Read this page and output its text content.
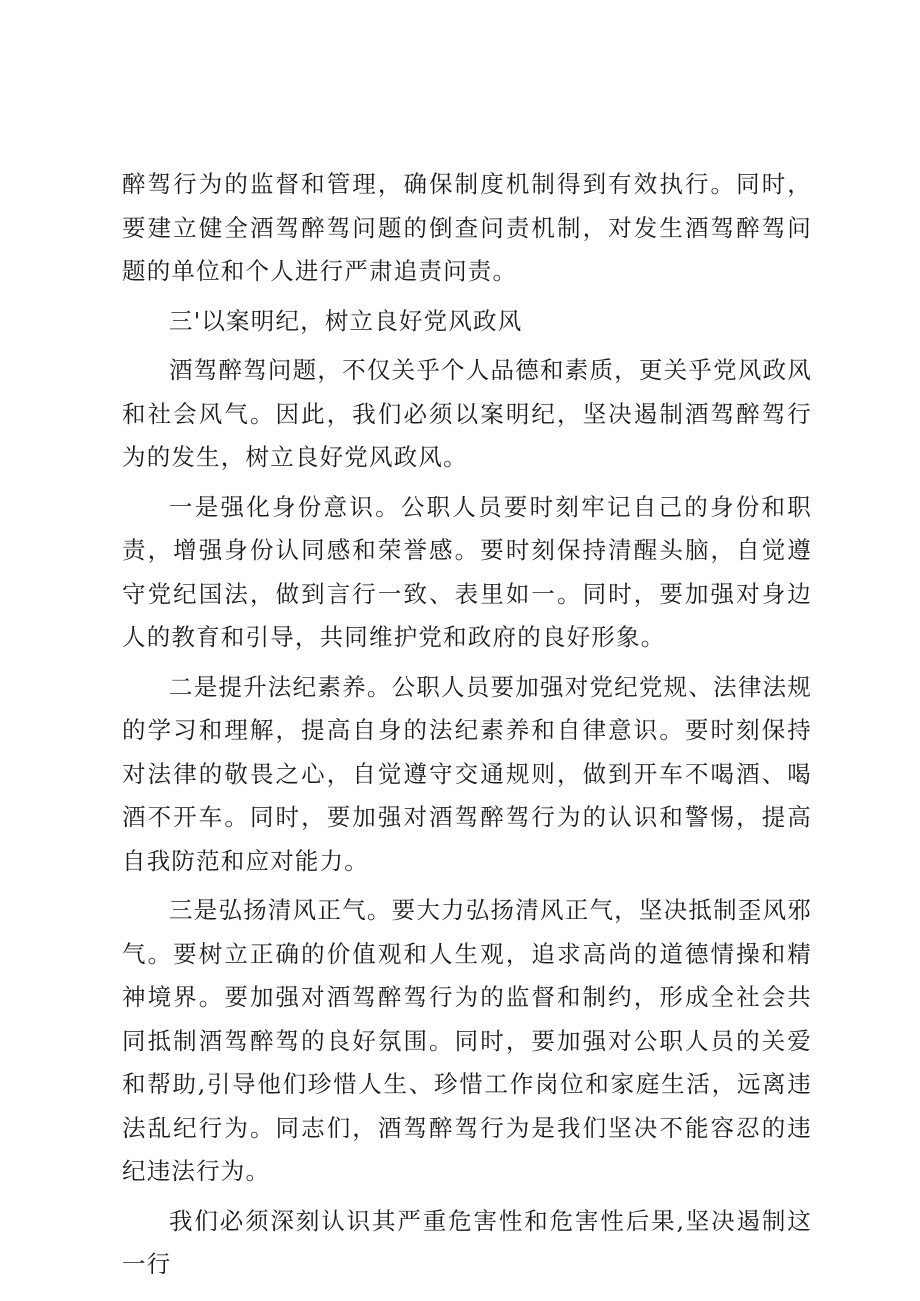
醉驾行为的监督和管理，确保制度机制得到有效执行。同时，要建立健全酒驾醉驾问题的倒查问责机制，对发生酒驾醉驾问题的单位和个人进行严肃追责问责。

三'以案明纪，树立良好党风政风

酒驾醉驾问题，不仅关乎个人品德和素质，更关乎党风政风和社会风气。因此，我们必须以案明纪，坚决遏制酒驾醉驾行为的发生，树立良好党风政风。

一是强化身份意识。公职人员要时刻牢记自己的身份和职责，增强身份认同感和荣誉感。要时刻保持清醒头脑，自觉遵守党纪国法，做到言行一致、表里如一。同时，要加强对身边人的教育和引导，共同维护党和政府的良好形象。

二是提升法纪素养。公职人员要加强对党纪党规、法律法规的学习和理解，提高自身的法纪素养和自律意识。要时刻保持对法律的敬畏之心，自觉遵守交通规则，做到开车不喝酒、喝酒不开车。同时，要加强对酒驾醉驾行为的认识和警惕，提高自我防范和应对能力。

三是弘扬清风正气。要大力弘扬清风正气，坚决抵制歪风邪气。要树立正确的价值观和人生观，追求高尚的道德情操和精神境界。要加强对酒驾醉驾行为的监督和制约，形成全社会共同抵制酒驾醉驾的良好氛围。同时，要加强对公职人员的关爱和帮助,引导他们珍惜人生、珍惜工作岗位和家庭生活，远离违法乱纪行为。同志们，酒驾醉驾行为是我们坚决不能容忍的违纪违法行为。

我们必须深刻认识其严重危害性和危害性后果,坚决遏制这一行
